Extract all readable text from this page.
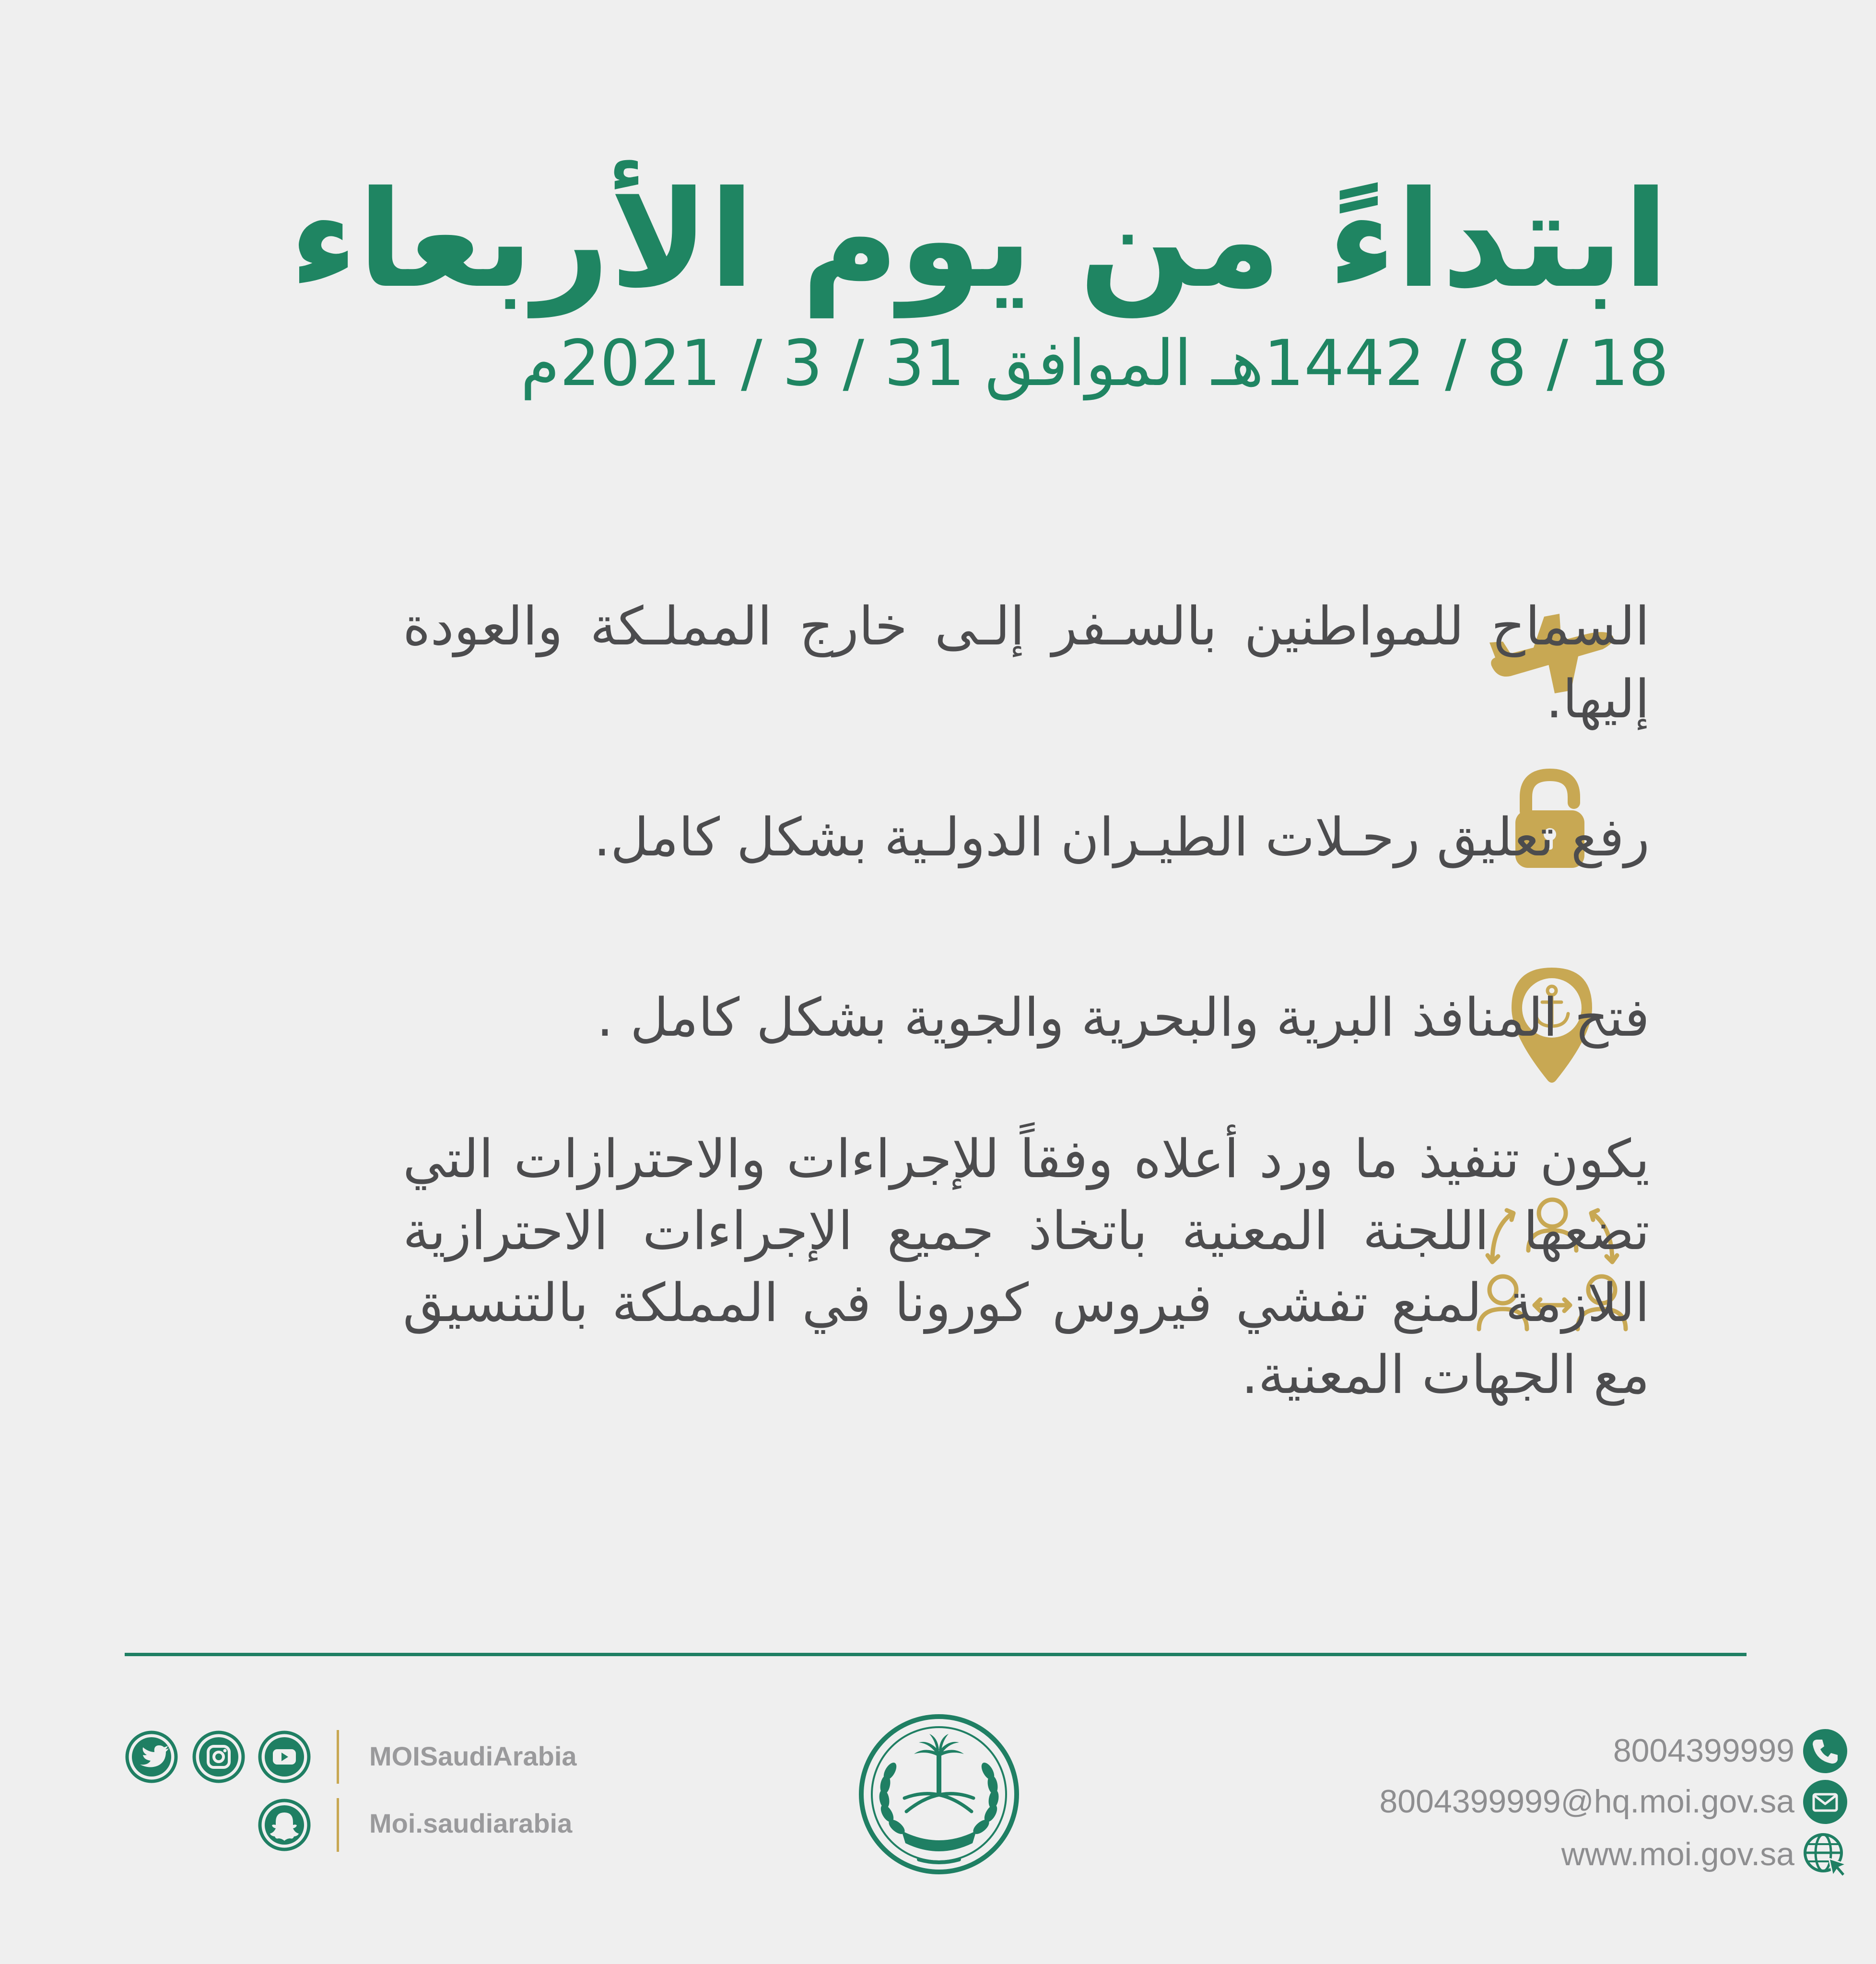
ابتداءً من يوم الأربعاء
18 / 8 / 1442هـ الموافق 31 / 3 / 2021م
السماح للمواطنين بالسـفر إلـى خارج المملـكة والعودة إليها.
رفع تعليق رحـلات الطيـران الدولـية بشكل كامل.
فتح المنافذ البرية والبحرية والجوية بشكل كامل .
يكون تنفيذ ما ورد أعلاه وفقاً للإجراءات والاحترازات التي تضعها اللجنة المعنية باتخاذ جميع الإجراءات الاحترازية اللازمة لمنع تفشي فيروس كورونا في المملكة بالتنسيق مع الجهات المعنية.
MOISaudiArabia
Moi.saudiarabia
8004399999
8004399999@hq.moi.gov.sa
www.moi.gov.sa
